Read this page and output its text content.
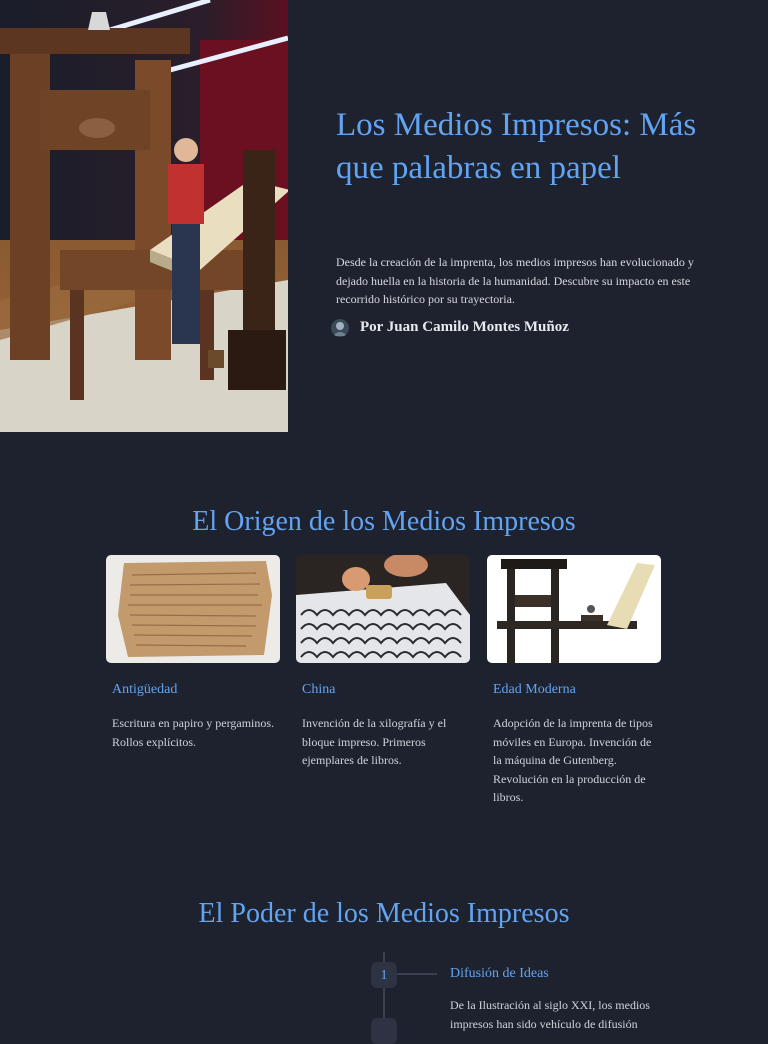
Los Medios Impresos: Más que palabras en papel

Desde la creación de la imprenta, los medios impresos han evolucionado y dejado huella en la historia de la humanidad. Descubre su impacto en este recorrido histórico por su trayectoria.

Por Juan Camilo Montes Muñoz
El Origen de los Medios Impresos
Antigüedad

Escritura en papiro y pergaminos. Rollos explícitos.

China

Invención de la xilografía y el bloque impreso. Primeros ejemplares de libros.

Edad Moderna

Adopción de la imprenta de tipos móviles en Europa. Invención de la máquina de Gutenberg. Revolución en la producción de libros.

El Poder de los Medios Impresos
1	Difusión de Ideas

De la Ilustración al siglo XXI, los medios impresos han sido vehículo de difusión
